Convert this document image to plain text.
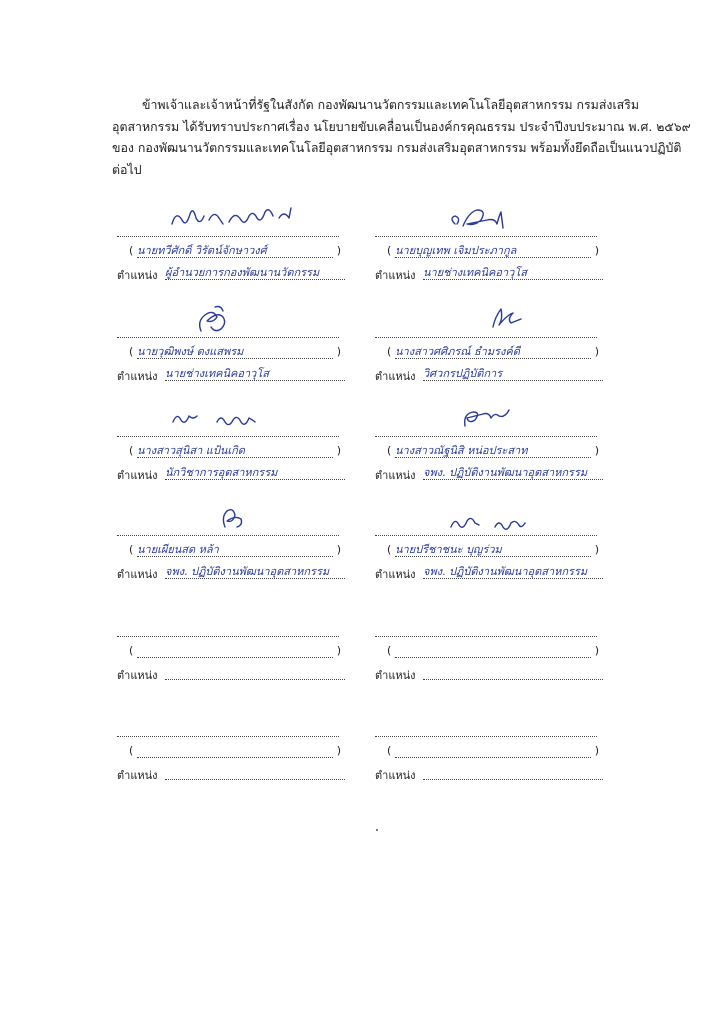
ข้าพเจ้าและเจ้าหน้าที่รัฐในสังกัด กองพัฒนานวัตกรรมและเทคโนโลยีอุตสาหกรรม กรมส่งเสริม
อุตสาหกรรม ได้รับทราบประกาศเรื่อง นโยบายขับเคลื่อนเป็นองค์กรคุณธรรม ประจำปีงบประมาณ พ.ศ. ๒๕๖๙
ของ กองพัฒนานวัตกรรมและเทคโนโลยีอุตสาหกรรม กรมส่งเสริมอุตสาหกรรม พร้อมทั้งยึดถือเป็นแนวปฏิบัติ
ต่อไป
( นายทวีศักดิ์ วิรัตน์จักษาวงศ์	)
ตำแหน่ง ผู้อำนวยการกองพัฒนานวัตกรรม
( นายบุญเทพ เจิมประภากูล	)
ตำแหน่ง นายช่างเทคนิคอาวุโส
( นายวุฒิพงษ์ ตงแสพรม	)
ตำแหน่ง นายช่างเทคนิคอาวุโส
( นางสาวศศิภรณ์ ธำมรงค์ดี	)
ตำแหน่ง วิศวกรปฏิบัติการ
( นางสาวสุนิสา แป้นเกิด	)
ตำแหน่ง นักวิชาการอุตสาหกรรม
( นางสาวณัฐนิสิ หน่อประสาท	)
ตำแหน่ง จพง. ปฏิบัติงานพัฒนาอุตสาหกรรม
( นายเผียนสด หล้า	)
ตำแหน่ง จพง. ปฏิบัติงานพัฒนาอุตสาหกรรม
( นายปรีชาชนะ บุญร่วม	)
ตำแหน่ง จพง. ปฏิบัติงานพัฒนาอุตสาหกรรม
(	)
ตำแหน่ง
(	)
ตำแหน่ง
(	)
ตำแหน่ง
(	)
ตำแหน่ง
